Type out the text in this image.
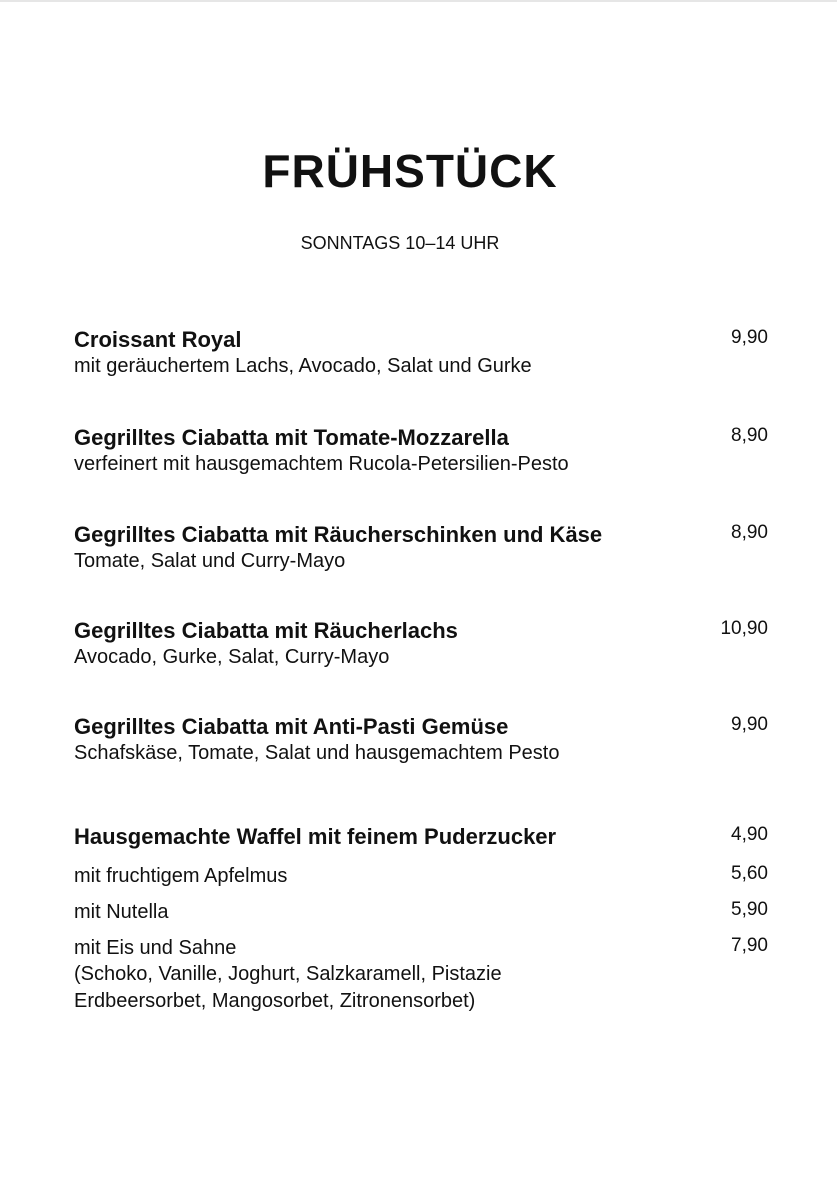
FRÜHSTÜCK
SONNTAGS 10–14 UHR
Croissant Royal
mit geräuchertem Lachs, Avocado, Salat und Gurke
9,90
Gegrilltes Ciabatta mit Tomate-Mozzarella
verfeinert mit hausgemachtem Rucola-Petersilien-Pesto
8,90
Gegrilltes Ciabatta mit Räucherschinken und Käse
Tomate, Salat und Curry-Mayo
8,90
Gegrilltes Ciabatta mit Räucherlachs
Avocado, Gurke, Salat, Curry-Mayo
10,90
Gegrilltes Ciabatta mit Anti-Pasti Gemüse
Schafskäse, Tomate, Salat und hausgemachtem Pesto
9,90
Hausgemachte Waffel mit feinem Puderzucker	4,90
mit fruchtigem Apfelmus	5,60
mit Nutella	5,90
mit Eis und Sahne	7,90
(Schoko, Vanille, Joghurt, Salzkaramell, Pistazie
Erdbeersorbet, Mangosorbet, Zitronensorbet)
